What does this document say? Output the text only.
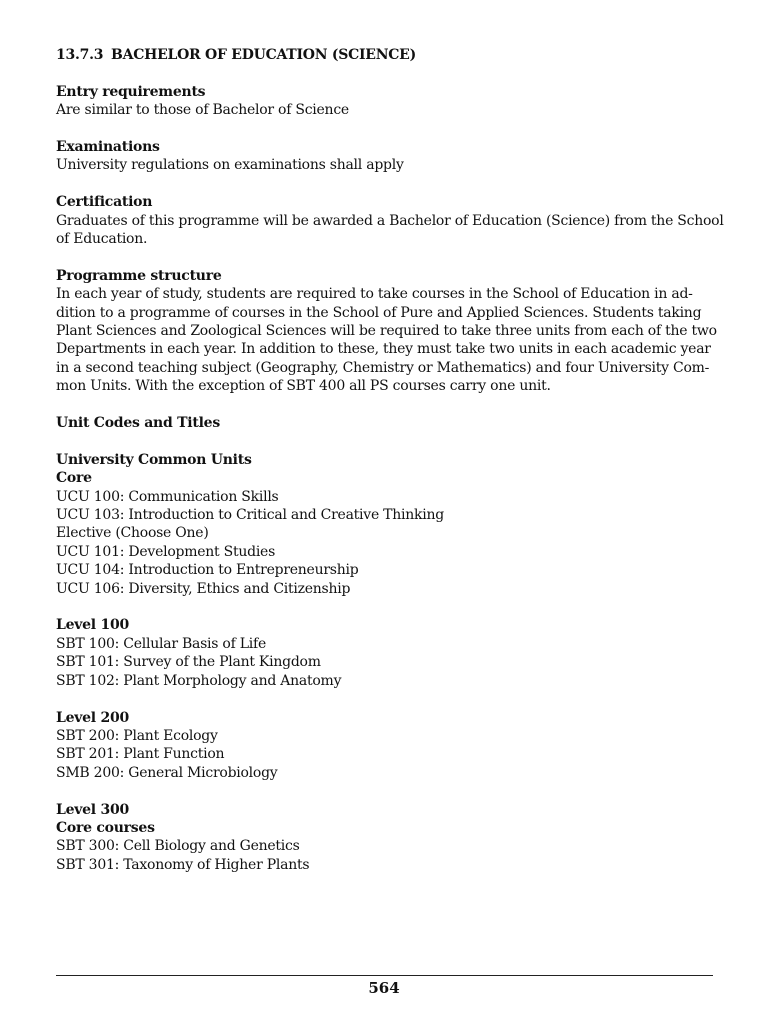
13.7.3 BACHELOR OF EDUCATION (SCIENCE)
Entry requirements
Are similar to those of Bachelor of Science
Examinations
University regulations on examinations shall apply
Certification
Graduates of this programme will be awarded a Bachelor of Education (Science) from the School
of Education.
Programme structure
In each year of study, students are required to take courses in the School of Education in ad-
dition to a programme of courses in the School of Pure and Applied Sciences. Students taking
Plant Sciences and Zoological Sciences will be required to take three units from each of the two
Departments in each year. In addition to these, they must take two units in each academic year
in a second teaching subject (Geography, Chemistry or Mathematics) and four University Com-
mon Units. With the exception of SBT 400 all PS courses carry one unit.
Unit Codes and Titles
University Common Units
Core
UCU 100: Communication Skills
UCU 103: Introduction to Critical and Creative Thinking
Elective (Choose One)
UCU 101: Development Studies
UCU 104: Introduction to Entrepreneurship
UCU 106: Diversity, Ethics and Citizenship
Level 100
SBT 100: Cellular Basis of Life
SBT 101: Survey of the Plant Kingdom
SBT 102: Plant Morphology and Anatomy
Level 200
SBT 200: Plant Ecology
SBT 201: Plant Function
SMB 200: General Microbiology
Level 300
Core courses
SBT 300: Cell Biology and Genetics
SBT 301: Taxonomy of Higher Plants
564
